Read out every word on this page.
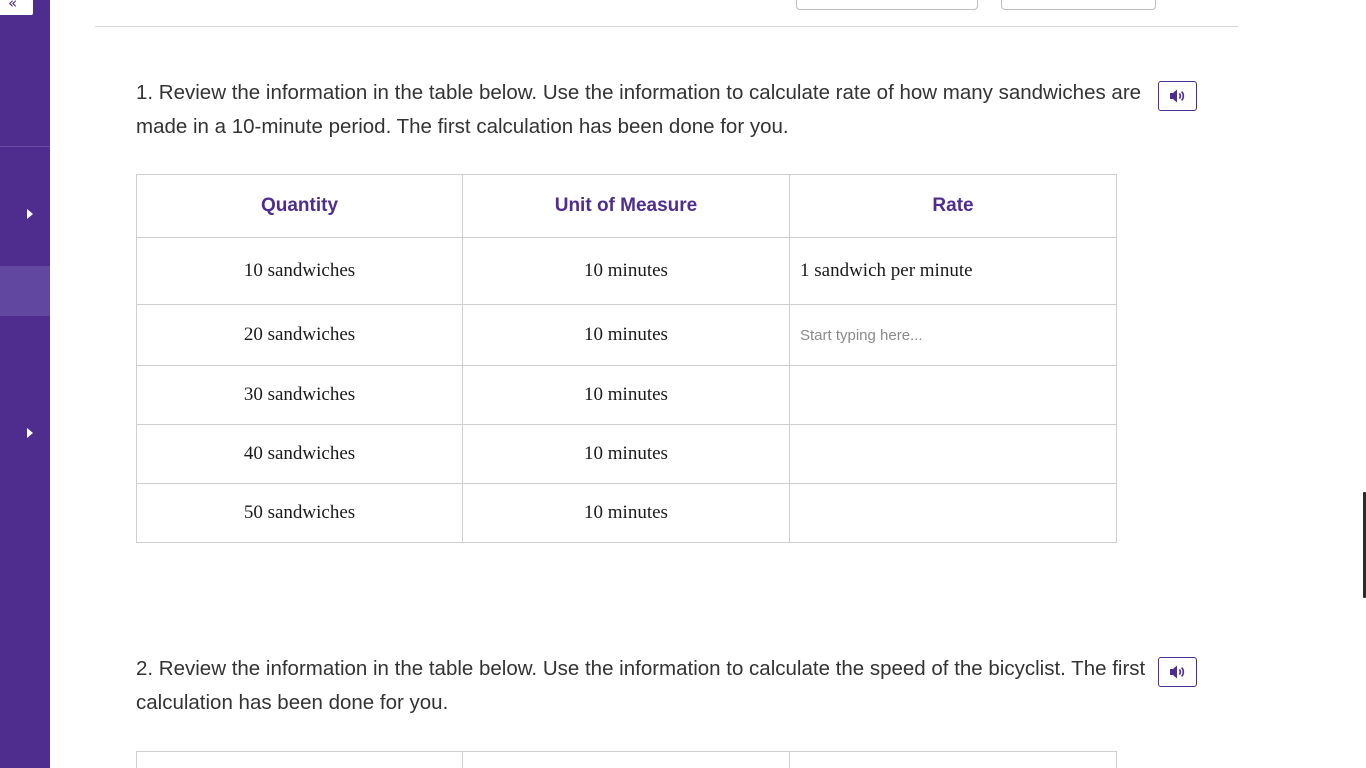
«
1. Review the information in the table below. Use the information to calculate rate of how many sandwiches are made in a 10-minute period. The first calculation has been done for you.
Quantity	Unit of Measure	Rate
10 sandwiches	10 minutes	1 sandwich per minute
20 sandwiches	10 minutes	Start typing here...
30 sandwiches	10 minutes	
40 sandwiches	10 minutes	
50 sandwiches	10 minutes	
2. Review the information in the table below. Use the information to calculate the speed of the bicyclist. The first calculation has been done for you.
